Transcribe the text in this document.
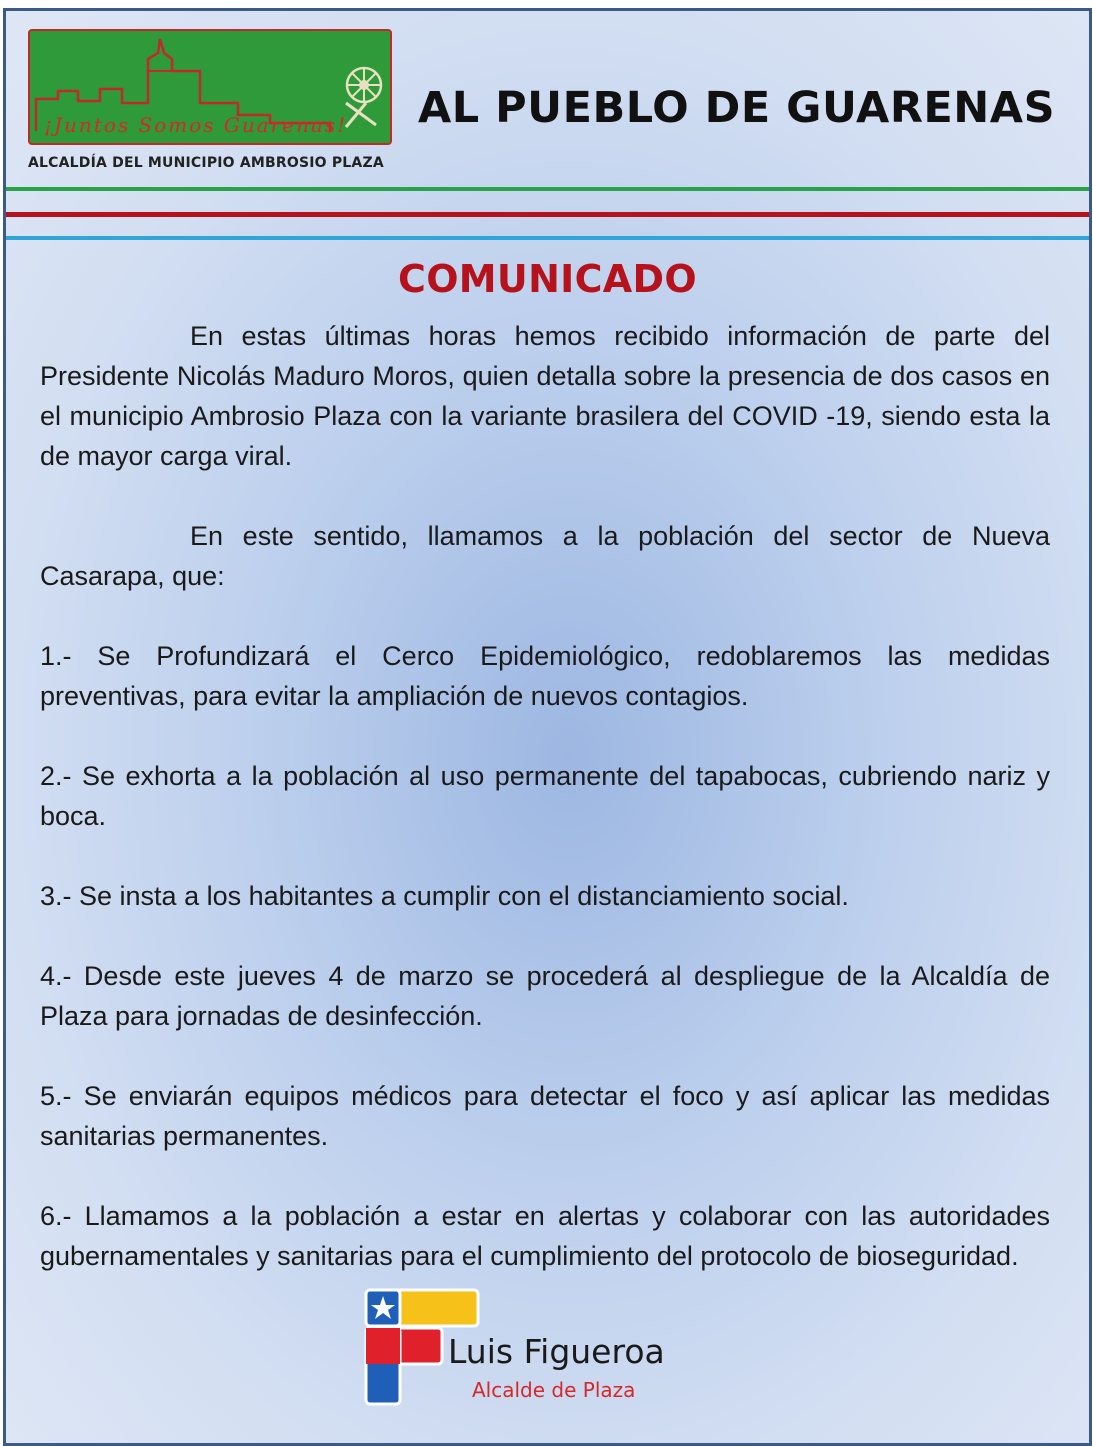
¡Juntos Somos Guarenas!
ALCALDÍA DEL MUNICIPIO AMBROSIO PLAZA
AL PUEBLO DE GUARENAS
COMUNICADO

En estas últimas horas hemos recibido información de parte del Presidente Nicolás Maduro Moros, quien detalla sobre la presencia de dos casos en el municipio Ambrosio Plaza con la variante brasilera del COVID -19, siendo esta la de mayor carga viral.

En este sentido, llamamos a la población del sector de Nueva Casarapa, que:

1.- Se Profundizará el Cerco Epidemiológico, redoblaremos las medidas preventivas, para evitar la ampliación de nuevos contagios.

2.- Se exhorta a la población al uso permanente del tapabocas, cubriendo nariz y boca.

3.- Se insta a los habitantes a cumplir con el distanciamiento social.

4.- Desde este jueves 4 de marzo se procederá al despliegue de la Alcaldía de Plaza para jornadas de desinfección.

5.- Se enviarán equipos médicos para detectar el foco y así aplicar las medidas sanitarias permanentes.

6.- Llamamos a la población a estar en alertas y colaborar con las autoridades gubernamentales y sanitarias para el cumplimiento del protocolo de bioseguridad.

Luis Figueroa
Alcalde de Plaza
